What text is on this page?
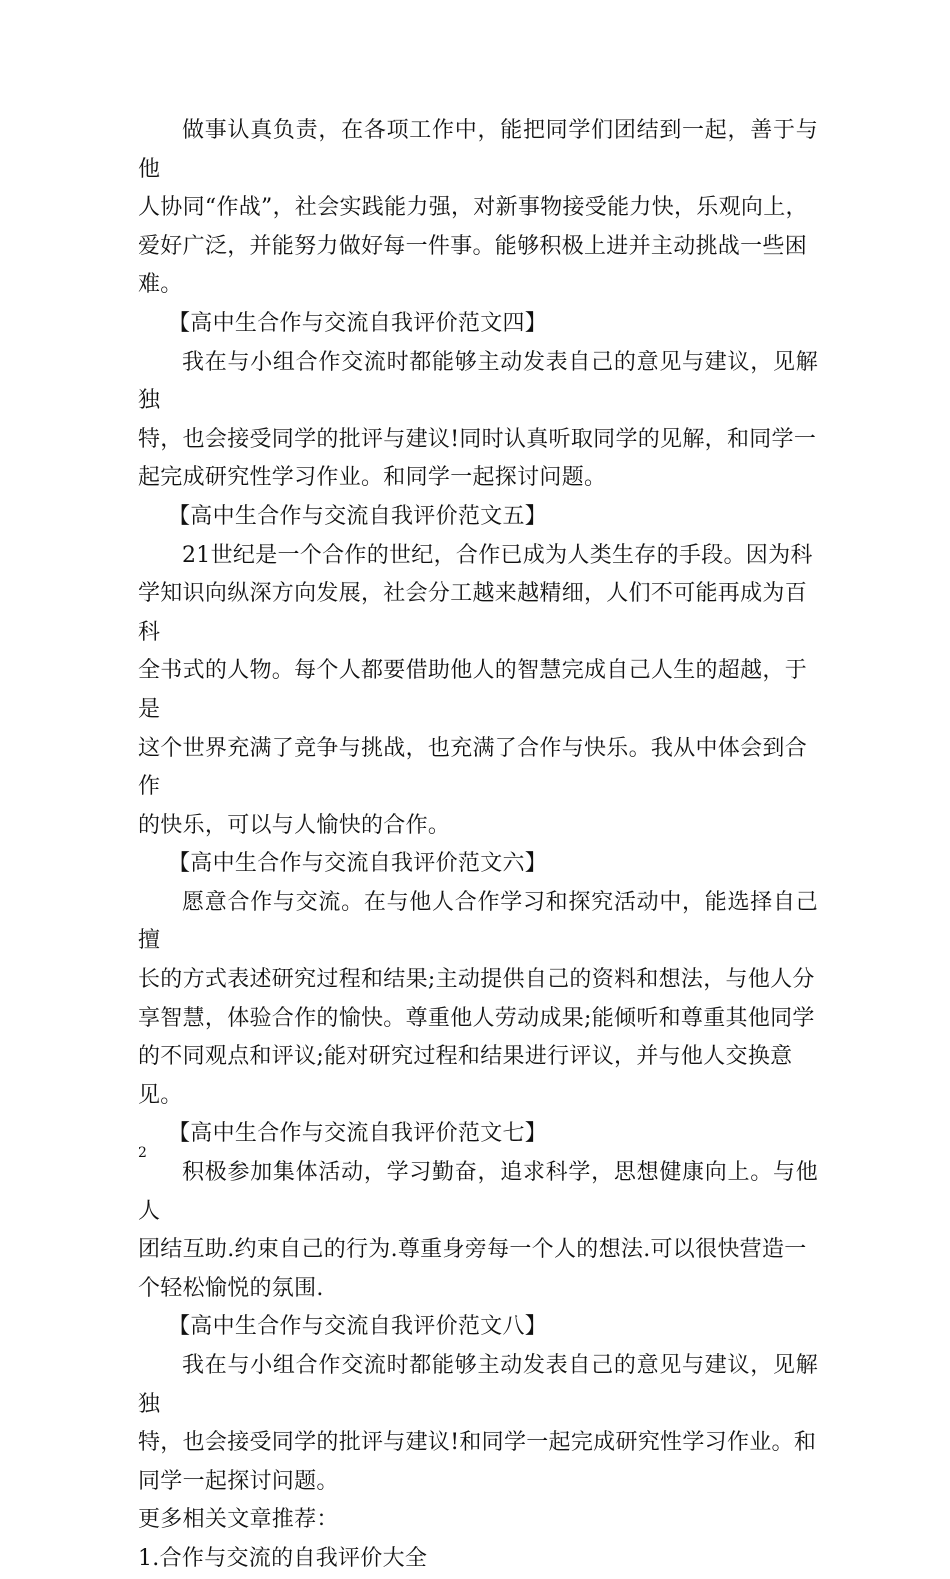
做事认真负责，在各项工作中，能把同学们团结到一起，善于与他

人协同“作战”，社会实践能力强，对新事物接受能力快，乐观向上，

爱好广泛，并能努力做好每一件事。能够积极上进并主动挑战一些困难。

【高中生合作与交流自我评价范文四】

我在与小组合作交流时都能够主动发表自己的意见与建议，见解独

特，也会接受同学的批评与建议!同时认真听取同学的见解，和同学一

起完成研究性学习作业。和同学一起探讨问题。

【高中生合作与交流自我评价范文五】

21世纪是一个合作的世纪，合作已成为人类生存的手段。因为科

学知识向纵深方向发展，社会分工越来越精细，人们不可能再成为百科

全书式的人物。每个人都要借助他人的智慧完成自己人生的超越，于是

这个世界充满了竞争与挑战，也充满了合作与快乐。我从中体会到合作

的快乐，可以与人愉快的合作。

【高中生合作与交流自我评价范文六】

愿意合作与交流。在与他人合作学习和探究活动中，能选择自己擅

长的方式表述研究过程和结果;主动提供自己的资料和想法，与他人分

享智慧，体验合作的愉快。尊重他人劳动成果;能倾听和尊重其他同学

的不同观点和评议;能对研究过程和结果进行评议，并与他人交换意见。

【高中生合作与交流自我评价范文七】

积极参加集体活动，学习勤奋，追求科学，思想健康向上。与他人

团结互助.约束自己的行为.尊重身旁每一个人的想法.可以很快营造一

个轻松愉悦的氛围.

【高中生合作与交流自我评价范文八】

我在与小组合作交流时都能够主动发表自己的意见与建议，见解独

特，也会接受同学的批评与建议!和同学一起完成研究性学习作业。和

同学一起探讨问题。

更多相关文章推荐：

1.合作与交流的自我评价大全

2
